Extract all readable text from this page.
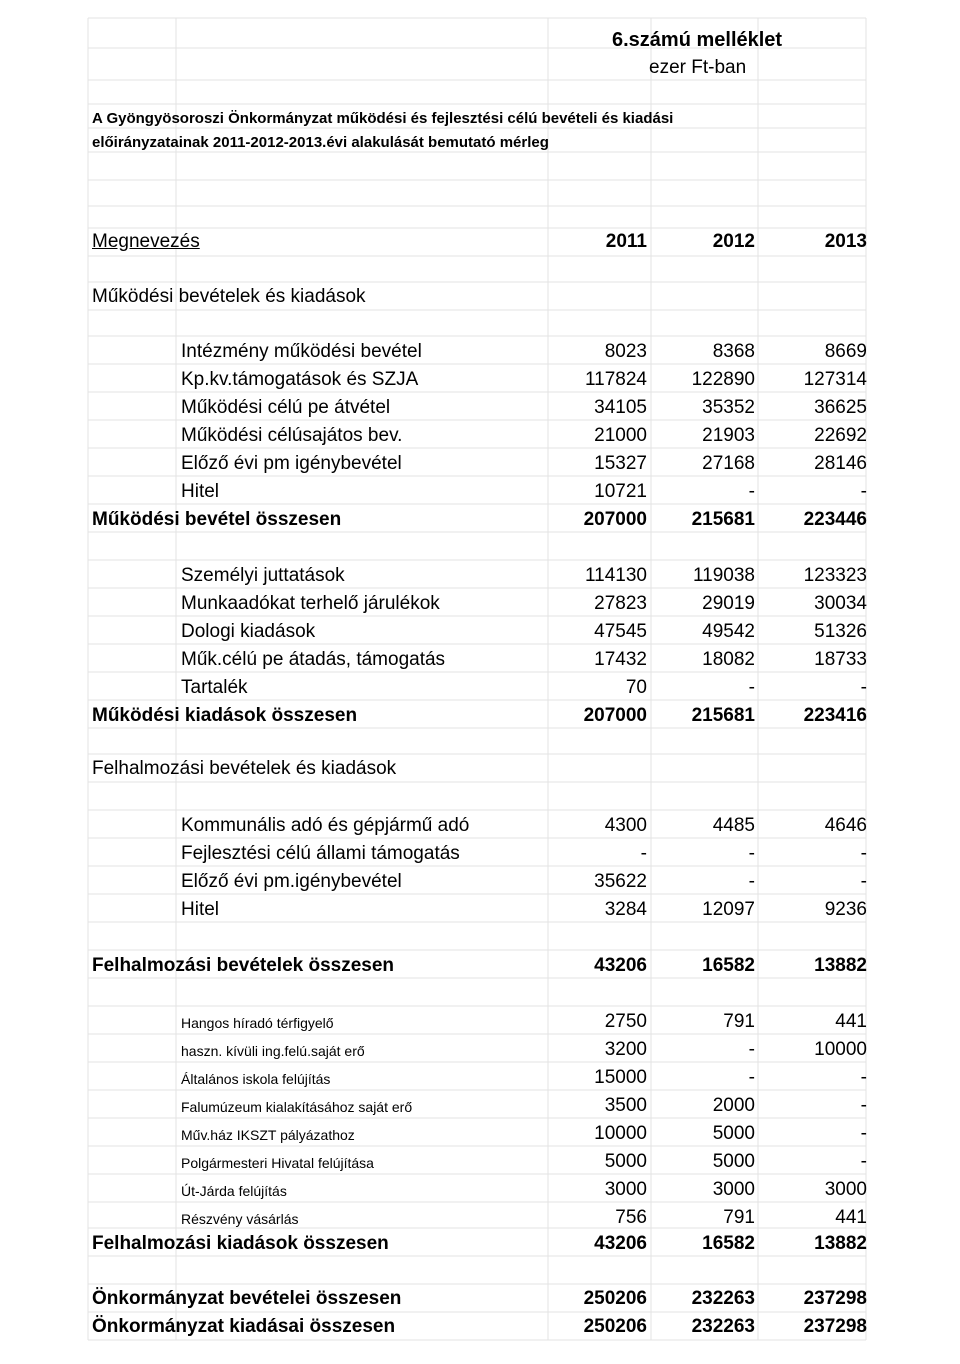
6.számú melléklet
ezer Ft-ban
A Gyöngyösoroszi Önkormányzat működési és fejlesztési célú bevételi és kiadási
előirányzatainak 2011-2012-2013.évi alakulását bemutató mérleg
Megnevezés	2011	2012	2013
Működési bevételek és kiadások
Felhalmozási bevételek és kiadások
Intézmény működési bevétel	8023	8368	8669
Kp.kv.támogatások és SZJA	117824 122890	127314
Működési célú pe átvétel	34105	35352	36625
Működési célúsajátos bev.	21000	21903	22692
Előző évi pm igénybevétel	15327	27168	28146
Hitel	10721	-	-
Működési bevétel összesen	207000 215681	223446
Személyi juttatások	114130 119038	123323
Munkaadókat terhelő járulékok	27823	29019	30034
Dologi kiadások	47545	49542	51326
Műk.célú pe átadás, támogatás	17432	18082	18733
Tartalék	70	-	-
Működési kiadások összesen	207000 215681	223416
Kommunális adó és gépjármű adó	4300	4485	4646
Fejlesztési célú állami támogatás	-	-	-
Előző évi pm.igénybevétel	35622	-	-
Hitel	3284	12097	9236
Felhalmozási bevételek összesen	43206	16582	13882
Hangos híradó térfigyelő	2750	791	441
haszn. kívüli ing.felú.saját erő	3200	-	10000
Általános iskola felújítás	15000	-	-
Falumúzeum kialakításához saját erő	3500	2000	-
Műv.ház IKSZT pályázathoz	10000	5000	-
Polgármesteri Hivatal felújítása	5000	5000	-
Út-Járda felújítás	3000	3000	3000
Részvény vásárlás	756	791	441
Felhalmozási kiadások összesen	43206	16582	13882
Önkormányzat bevételei összesen	250206 232263	237298
Önkormányzat kiadásai összesen	250206 232263	237298
